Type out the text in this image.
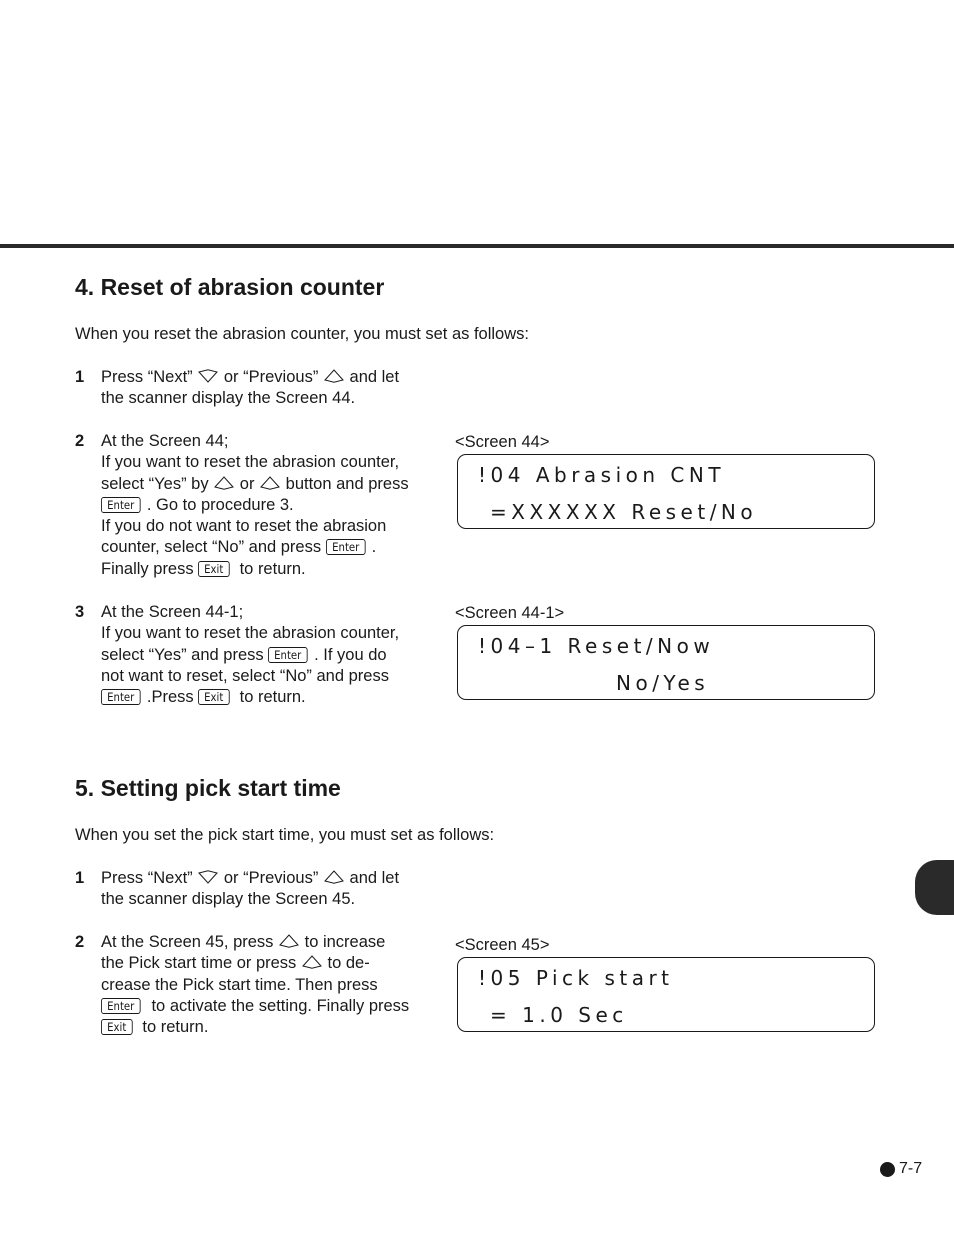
4. Reset of abrasion counter

When you reset the abrasion counter, you must set as follows:

1 Press “Next” or “Previous” and let
the scanner display the Screen 44.
2 At the Screen 44;
If you want to reset the abrasion counter,
select “Yes” by or button and press
Enter . Go to procedure 3.
If you do not want to reset the abrasion
counter, select “No” and press Enter .
Finally press Exit to return.
<Screen 44>
!04 Abrasion CNT
=XXXXXX Reset/No
3 At the Screen 44-1;
If you want to reset the abrasion counter,
select “Yes” and press Enter . If you do
not want to reset, select “No” and press
Enter .Press Exit to return.
<Screen 44-1>
!04–1 Reset/Now
No/Yes
5. Setting pick start time

When you set the pick start time, you must set as follows:

1 Press “Next” or “Previous” and let
the scanner display the Screen 45.
2 At the Screen 45, press to increase
the Pick start time or press to de-
crease the Pick start time. Then press
Enter to activate the setting. Finally press
Exit to return.
<Screen 45>
!05 Pick start
= 1.0 Sec
7-7
